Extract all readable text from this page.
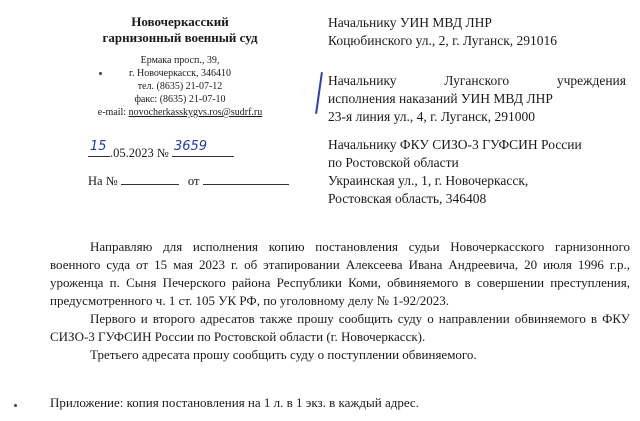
Новочеркасский
гарнизонный военный суд
Ермака просп., 39,
г. Новочеркасск, 346410
тел. (8635) 21-07-12
факс: (8635) 21-07-10
e-mail: novocherkasskygvs.ros@sudrf.ru
15 .05.2023 № 3659
На №	от
Начальнику УИН МВД ЛНР
Коцюбинского ул., 2, г. Луганск, 291016
Начальнику Луганского учреждения
исполнения наказаний УИН МВД ЛНР
23-я линия ул., 4, г. Луганск, 291000
Начальнику ФКУ СИЗО-3 ГУФСИН России
по Ростовской области
Украинская ул., 1, г. Новочеркасск,
Ростовская область, 346408

Направляю для исполнения копию постановления судьи Новочеркасского гарнизонного военного суда от 15 мая 2023 г. об этапировании Алексеева Ивана Андреевича, 20 июля 1996 г.р., уроженца п. Сыня Печерского района Республики Коми, обвиняемого в совершении преступления, предусмотренного ч. 1 ст. 105 УК РФ, по уголовному делу № 1-92/2023.

Первого и второго адресатов также прошу сообщить суду о направлении обвиняемого в ФКУ СИЗО-3 ГУФСИН России по Ростовской области (г. Новочеркасск).

Третьего адресата прошу сообщить суду о поступлении обвиняемого.

Приложение: копия постановления на 1 л. в 1 экз. в каждый адрес.
